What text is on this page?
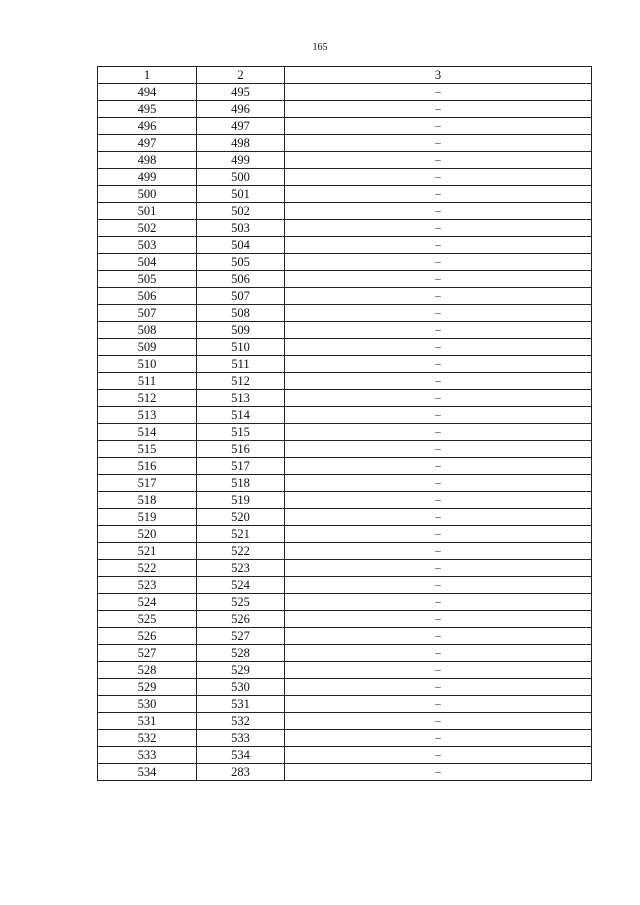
165
1	2	3
494	495	–
495	496	–
496	497	–
497	498	–
498	499	–
499	500	–
500	501	–
501	502	–
502	503	–
503	504	–
504	505	–
505	506	–
506	507	–
507	508	–
508	509	–
509	510	–
510	511	–
511	512	–
512	513	–
513	514	–
514	515	–
515	516	–
516	517	–
517	518	–
518	519	–
519	520	–
520	521	–
521	522	–
522	523	–
523	524	–
524	525	–
525	526	–
526	527	–
527	528	–
528	529	–
529	530	–
530	531	–
531	532	–
532	533	–
533	534	–
534	283	–
